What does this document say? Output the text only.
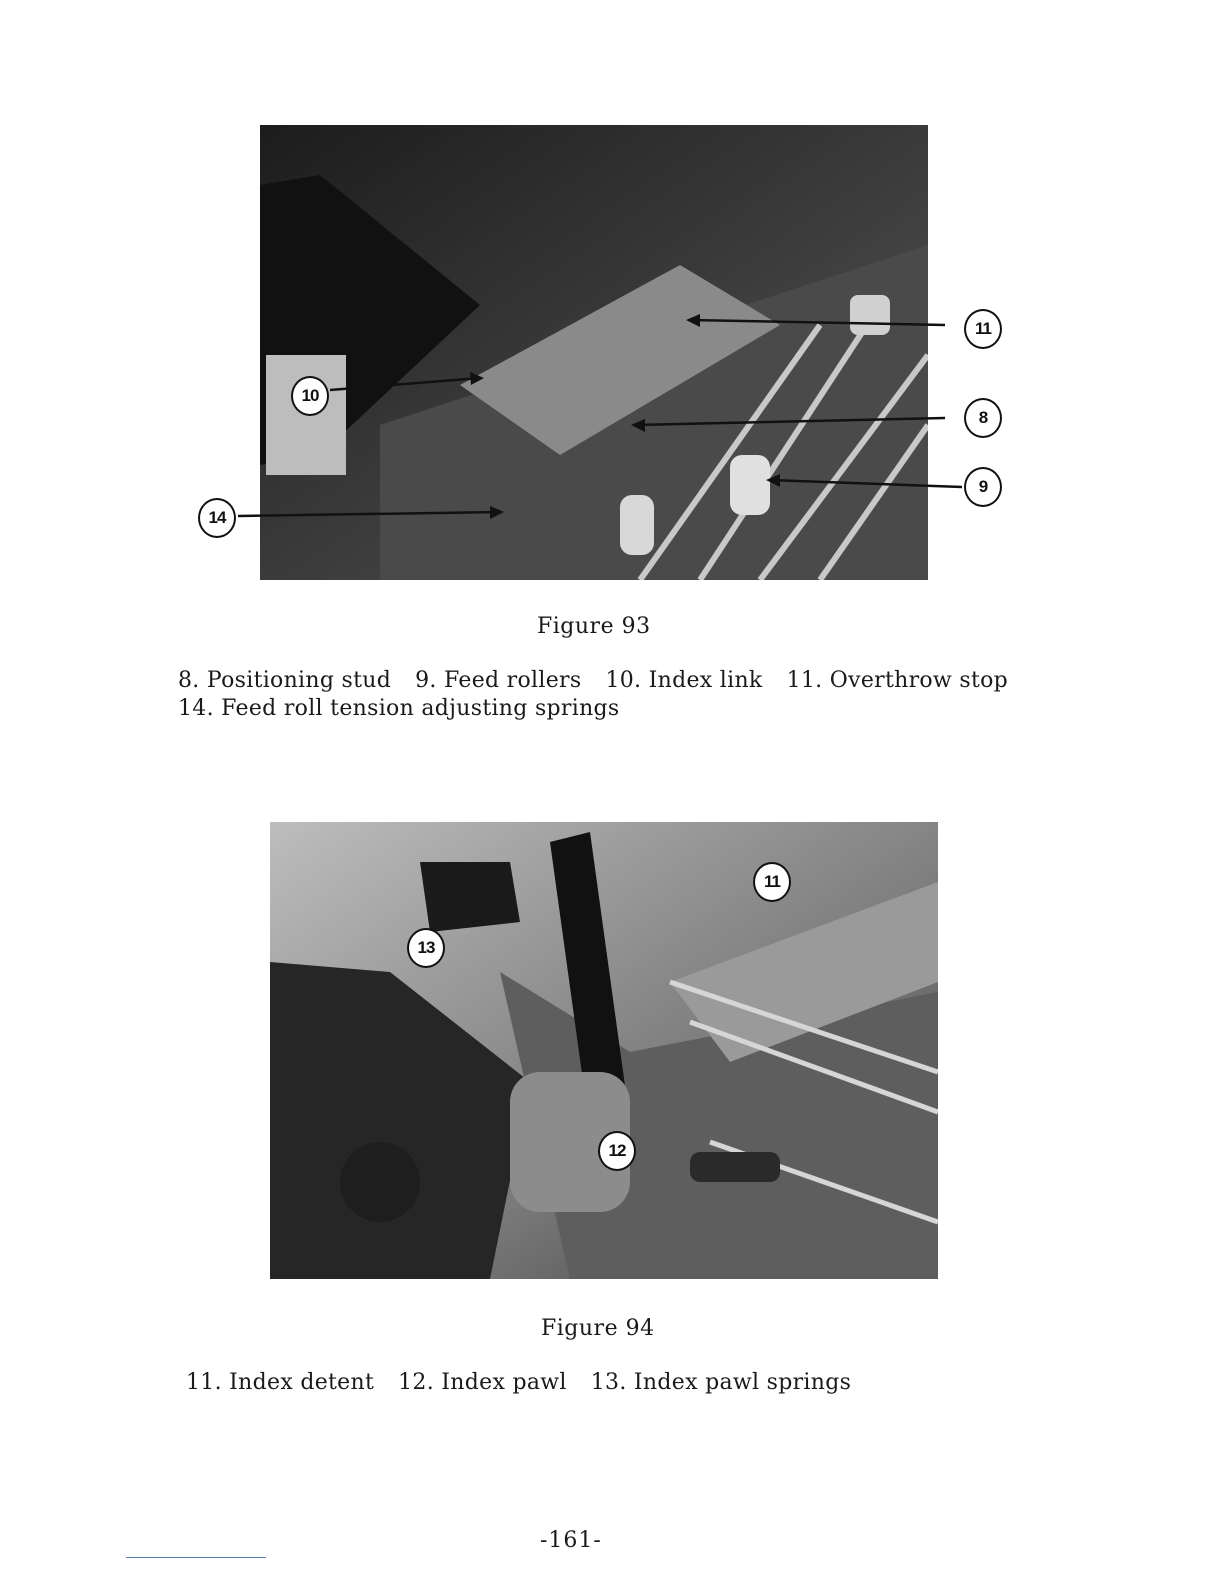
10
11
8
9
14
Figure 93
8. Positioning stud 9. Feed rollers 10. Index link 11. Overthrow stop
14. Feed roll tension adjusting springs
13
11
12
Figure 94
11. Index detent 12. Index pawl 13. Index pawl springs
-161-
